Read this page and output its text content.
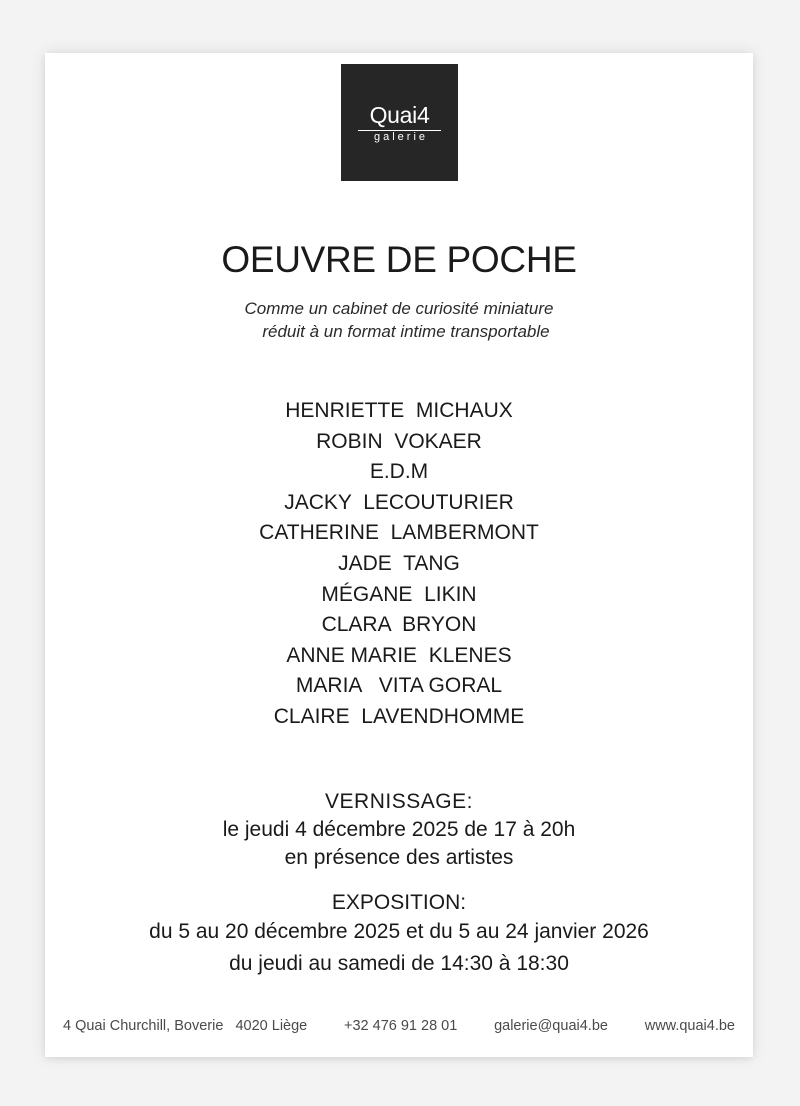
Quai4
galerie
OEUVRE DE POCHE
Comme un cabinet de curiosité miniature
réduit à un format intime transportable
HENRIETTE  MICHAUX
ROBIN  VOKAER
E.D.M
JACKY  LECOUTURIER
CATHERINE  LAMBERMONT
JADE  TANG
MÉGANE  LIKIN
CLARA  BRYON
ANNE MARIE  KLENES
MARIA   VITA GORAL
CLAIRE  LAVENDHOMME
VERNISSAGE:
le jeudi 4 décembre 2025 de 17 à 20h
en présence des artistes
EXPOSITION:
du 5 au 20 décembre 2025 et du 5 au 24 janvier 2026
du jeudi au samedi de 14:30 à 18:30
4 Quai Churchill, Boverie   4020 Liège	+32 476 91 28 01	galerie@quai4.be	www.quai4.be
